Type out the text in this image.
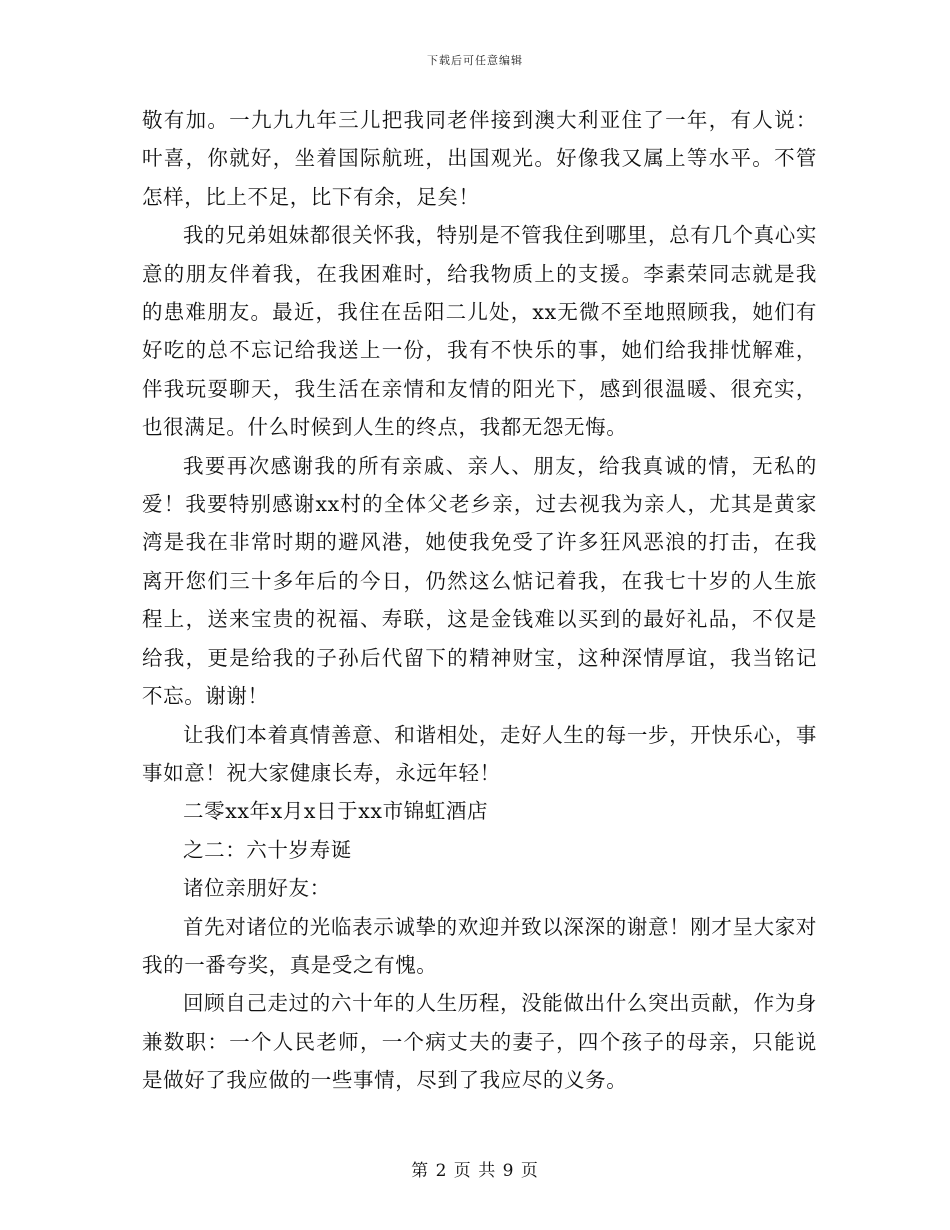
下载后可任意编辑

敬有加。一九九九年三儿把我同老伴接到澳大利亚住了一年，有人说：叶喜，你就好，坐着国际航班，出国观光。好像我又属上等水平。不管怎样，比上不足，比下有余，足矣！

我的兄弟姐妹都很关怀我，特别是不管我住到哪里，总有几个真心实意的朋友伴着我，在我困难时，给我物质上的支援。李素荣同志就是我的患难朋友。最近，我住在岳阳二儿处，xx无微不至地照顾我，她们有好吃的总不忘记给我送上一份，我有不快乐的事，她们给我排忧解难，伴我玩耍聊天，我生活在亲情和友情的阳光下，感到很温暖、很充实，也很满足。什么时候到人生的终点，我都无怨无悔。

我要再次感谢我的所有亲戚、亲人、朋友，给我真诚的情，无私的爱！我要特别感谢xx村的全体父老乡亲，过去视我为亲人，尤其是黄家湾是我在非常时期的避风港，她使我免受了许多狂风恶浪的打击，在我离开您们三十多年后的今日，仍然这么惦记着我，在我七十岁的人生旅程上，送来宝贵的祝福、寿联，这是金钱难以买到的最好礼品，不仅是给我，更是给我的子孙后代留下的精神财宝，这种深情厚谊，我当铭记不忘。谢谢！

让我们本着真情善意、和谐相处，走好人生的每一步，开快乐心，事事如意！祝大家健康长寿，永远年轻！

二零xx年x月x日于xx市锦虹酒店

之二：六十岁寿诞

诸位亲朋好友：

首先对诸位的光临表示诚挚的欢迎并致以深深的谢意！刚才呈大家对我的一番夸奖，真是受之有愧。

回顾自己走过的六十年的人生历程，没能做出什么突出贡献，作为身兼数职：一个人民老师，一个病丈夫的妻子，四个孩子的母亲，只能说是做好了我应做的一些事情，尽到了我应尽的义务。

第 2 页 共 9 页
